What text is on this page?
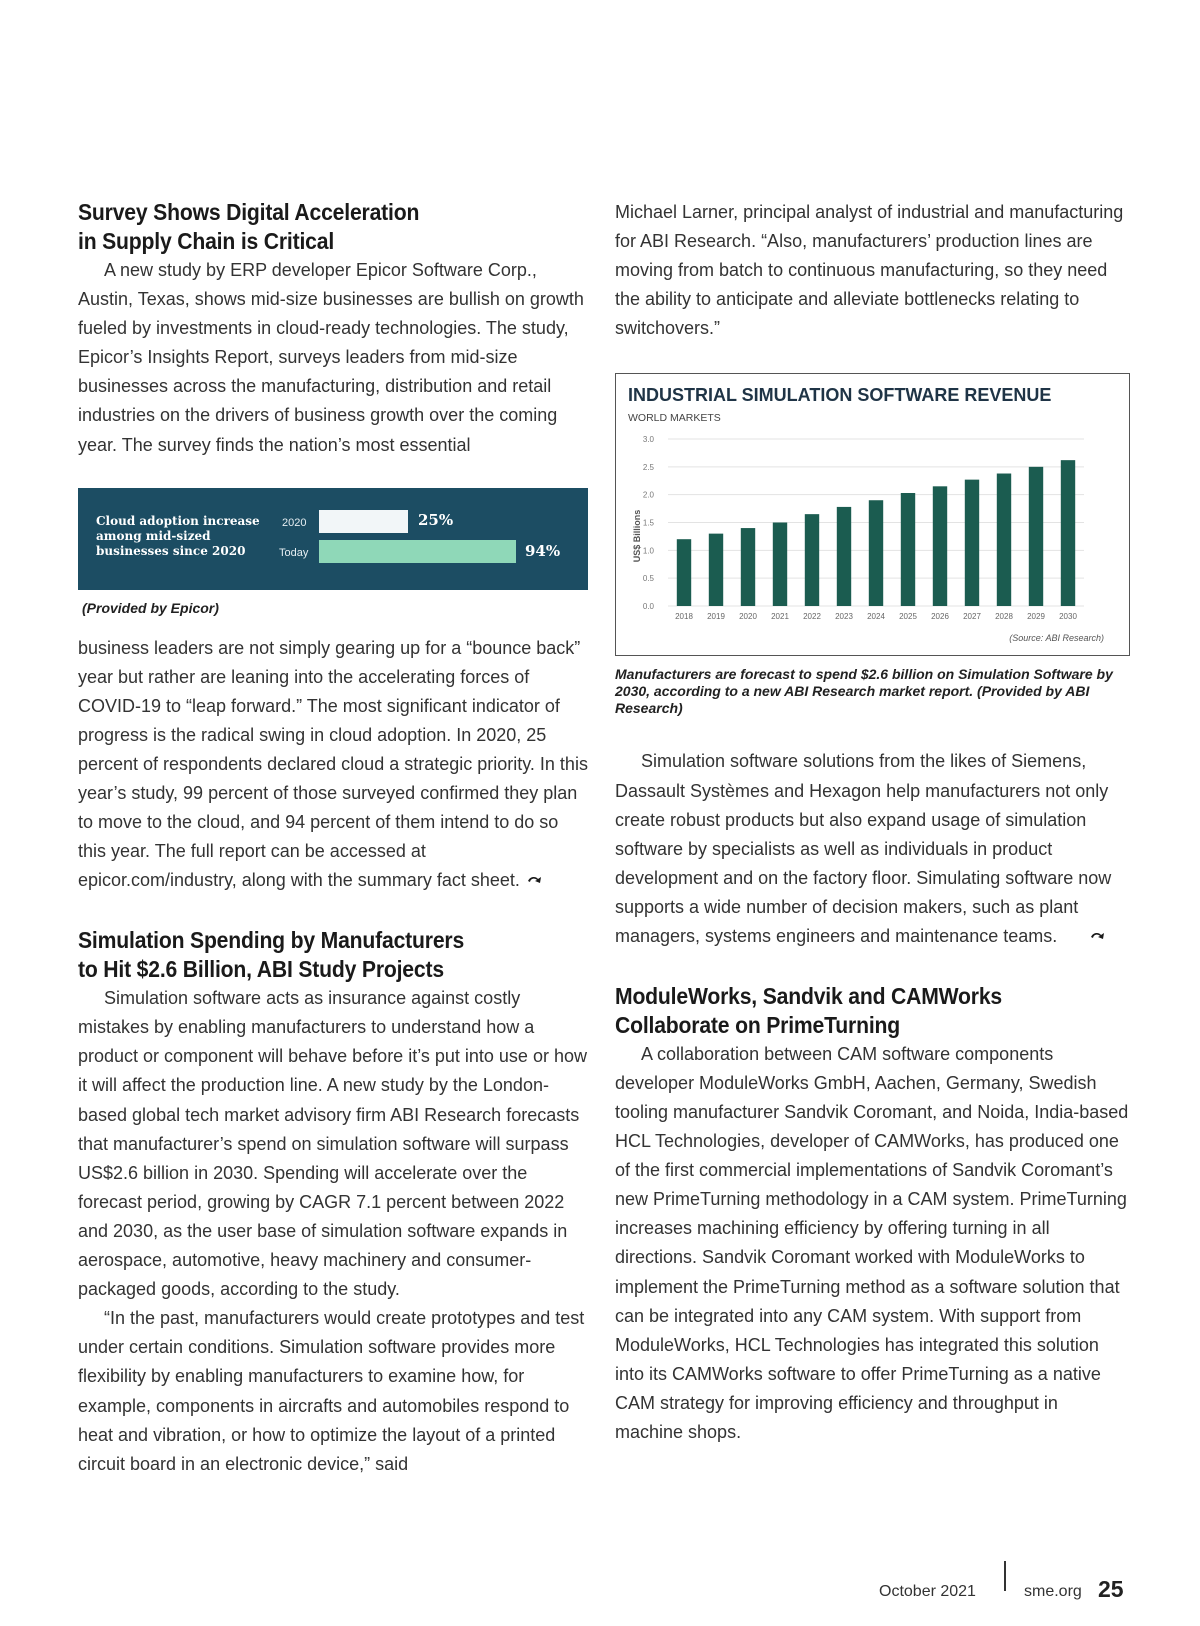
Survey Shows Digital Acceleration
in Supply Chain is Critical

A new study by ERP developer Epicor Software Corp., Austin, Texas, shows mid-size businesses are bullish on growth fueled by investments in cloud-ready technologies. The study, Epicor’s Insights Report, surveys leaders from mid-size businesses across the manufacturing, distribution and retail industries on the drivers of business growth over the coming year. The survey finds the nation’s most essential

Cloud adoption increase
among mid-sized
businesses since 2020
2020	25%
Today	94%
(Provided by Epicor)

business leaders are not simply gearing up for a “bounce back” year but rather are leaning into the accelerating forces of COVID-19 to “leap forward.” The most significant indicator of progress is the radical swing in cloud adoption. In 2020, 25 percent of respondents declared cloud a strategic priority. In this year’s study, 99 percent of those surveyed confirmed they plan to move to the cloud, and 94 percent of them intend to do so this year. The full report can be accessed at epicor.com/industry, along with the summary fact sheet.

Simulation Spending by Manufacturers
to Hit $2.6 Billion, ABI Study Projects

Simulation software acts as insurance against costly mistakes by enabling manufacturers to understand how a product or component will behave before it’s put into use or how it will affect the production line. A new study by the London-based global tech market advisory firm ABI Research forecasts that manufacturer’s spend on simulation software will surpass US$2.6 billion in 2030. Spending will accelerate over the forecast period, growing by CAGR 7.1 percent between 2022 and 2030, as the user base of simulation software expands in aerospace, automotive, heavy machinery and consumer-packaged goods, according to the study.

“In the past, manufacturers would create prototypes and test under certain conditions. Simulation software provides more flexibility by enabling manufacturers to examine how, for example, components in aircrafts and automobiles respond to heat and vibration, or how to optimize the layout of a printed circuit board in an electronic device,” said

Michael Larner, principal analyst of industrial and manufacturing for ABI Research. “Also, manufacturers’ production lines are moving from batch to continuous manufacturing, so they need the ability to anticipate and alleviate bottlenecks relating to switchovers.”

INDUSTRIAL SIMULATION SOFTWARE REVENUE
WORLD MARKETS
US$ Billions
0.0
0.5
1.0
1.5
2.0
2.5
3.0
2018 2019 2020 2021 2022 2023 2024 2025 2026 2027 2028 2029 2030
(Source: ABI Research)
Manufacturers are forecast to spend $2.6 billion on Simulation Software by 2030, according to a new ABI Research market report. (Provided by ABI Research)

Simulation software solutions from the likes of Siemens, Dassault Systèmes and Hexagon help manufacturers not only create robust products but also expand usage of simulation software by specialists as well as individuals in product development and on the factory floor. Simulating software now supports a wide number of decision makers, such as plant managers, systems engineers and maintenance teams.

ModuleWorks, Sandvik and CAMWorks
Collaborate on PrimeTurning

A collaboration between CAM software components developer ModuleWorks GmbH, Aachen, Germany, Swedish tooling manufacturer Sandvik Coromant, and Noida, India-based HCL Technologies, developer of CAMWorks, has produced one of the first commercial implementations of Sandvik Coromant’s new PrimeTurning methodology in a CAM system. PrimeTurning increases machining efficiency by offering turning in all directions. Sandvik Coromant worked with ModuleWorks to implement the PrimeTurning method as a software solution that can be integrated into any CAM system. With support from ModuleWorks, HCL Technologies has integrated this solution into its CAMWorks software to offer PrimeTurning as a native CAM strategy for improving efficiency and throughput in machine shops.

October 2021	sme.org 25
